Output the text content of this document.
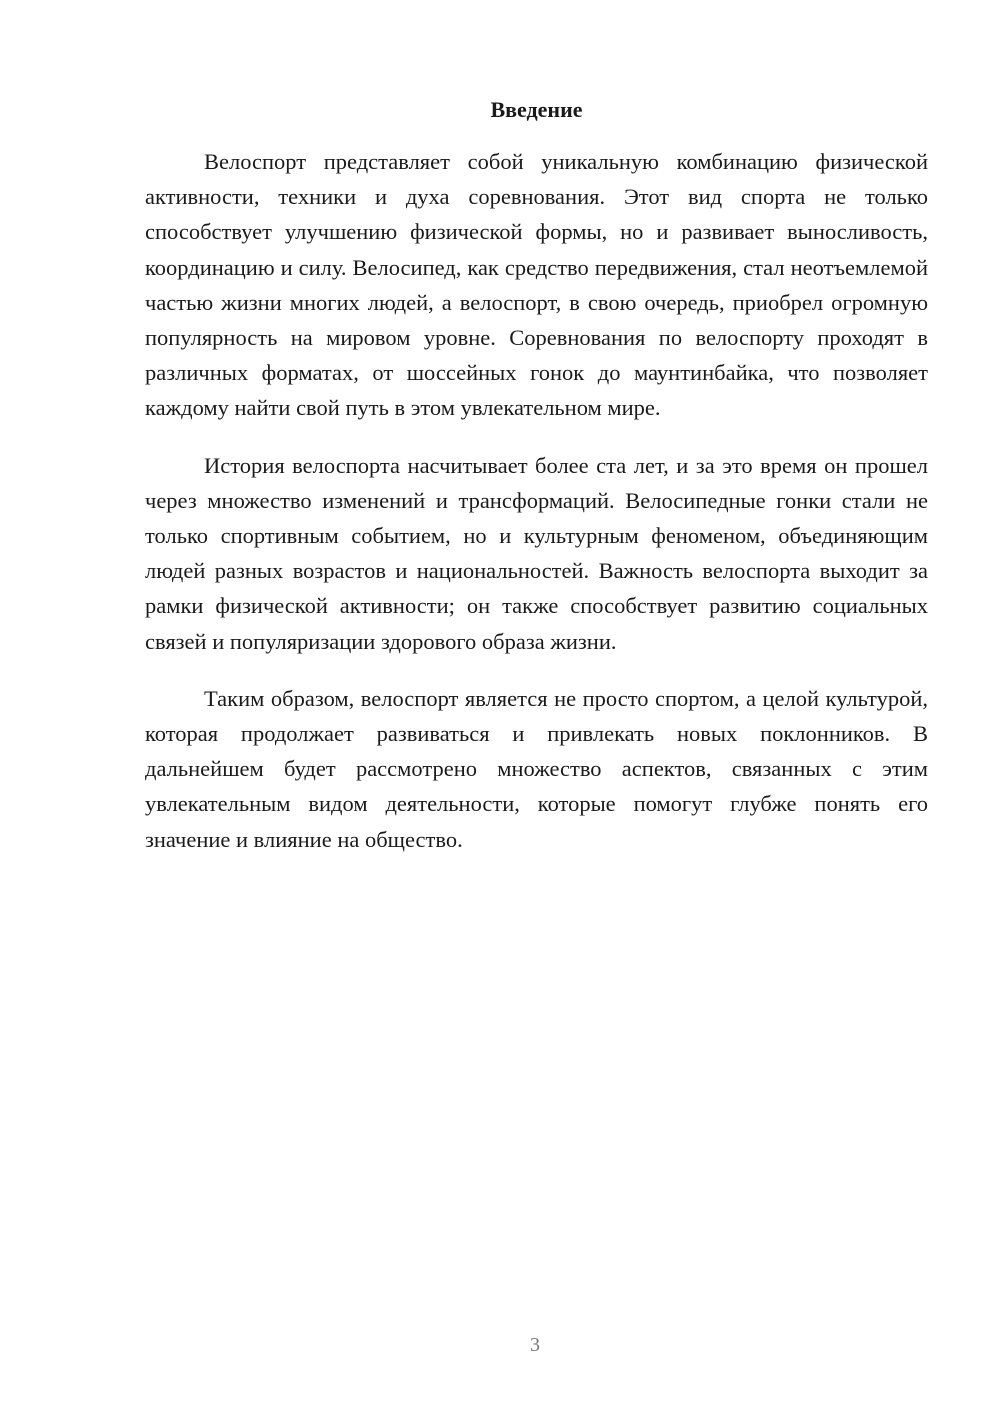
Введение

Велоспорт представляет собой уникальную комбинацию физической активности, техники и духа соревнования. Этот вид спорта не только способствует улучшению физической формы, но и развивает выносливость, координацию и силу. Велосипед, как средство передвижения, стал неотъемлемой частью жизни многих людей, а велоспорт, в свою очередь, приобрел огромную популярность на мировом уровне. Соревнования по велоспорту проходят в различных форматах, от шоссейных гонок до маунтинбайка, что позволяет каждому найти свой путь в этом увлекательном мире.

История велоспорта насчитывает более ста лет, и за это время он прошел через множество изменений и трансформаций. Велосипедные гонки стали не только спортивным событием, но и культурным феноменом, объединяющим людей разных возрастов и национальностей. Важность велоспорта выходит за рамки физической активности; он также способствует развитию социальных связей и популяризации здорового образа жизни.

Таким образом, велоспорт является не просто спортом, а целой культурой, которая продолжает развиваться и привлекать новых поклонников. В дальнейшем будет рассмотрено множество аспектов, связанных с этим увлекательным видом деятельности, которые помогут глубже понять его значение и влияние на общество.

3
